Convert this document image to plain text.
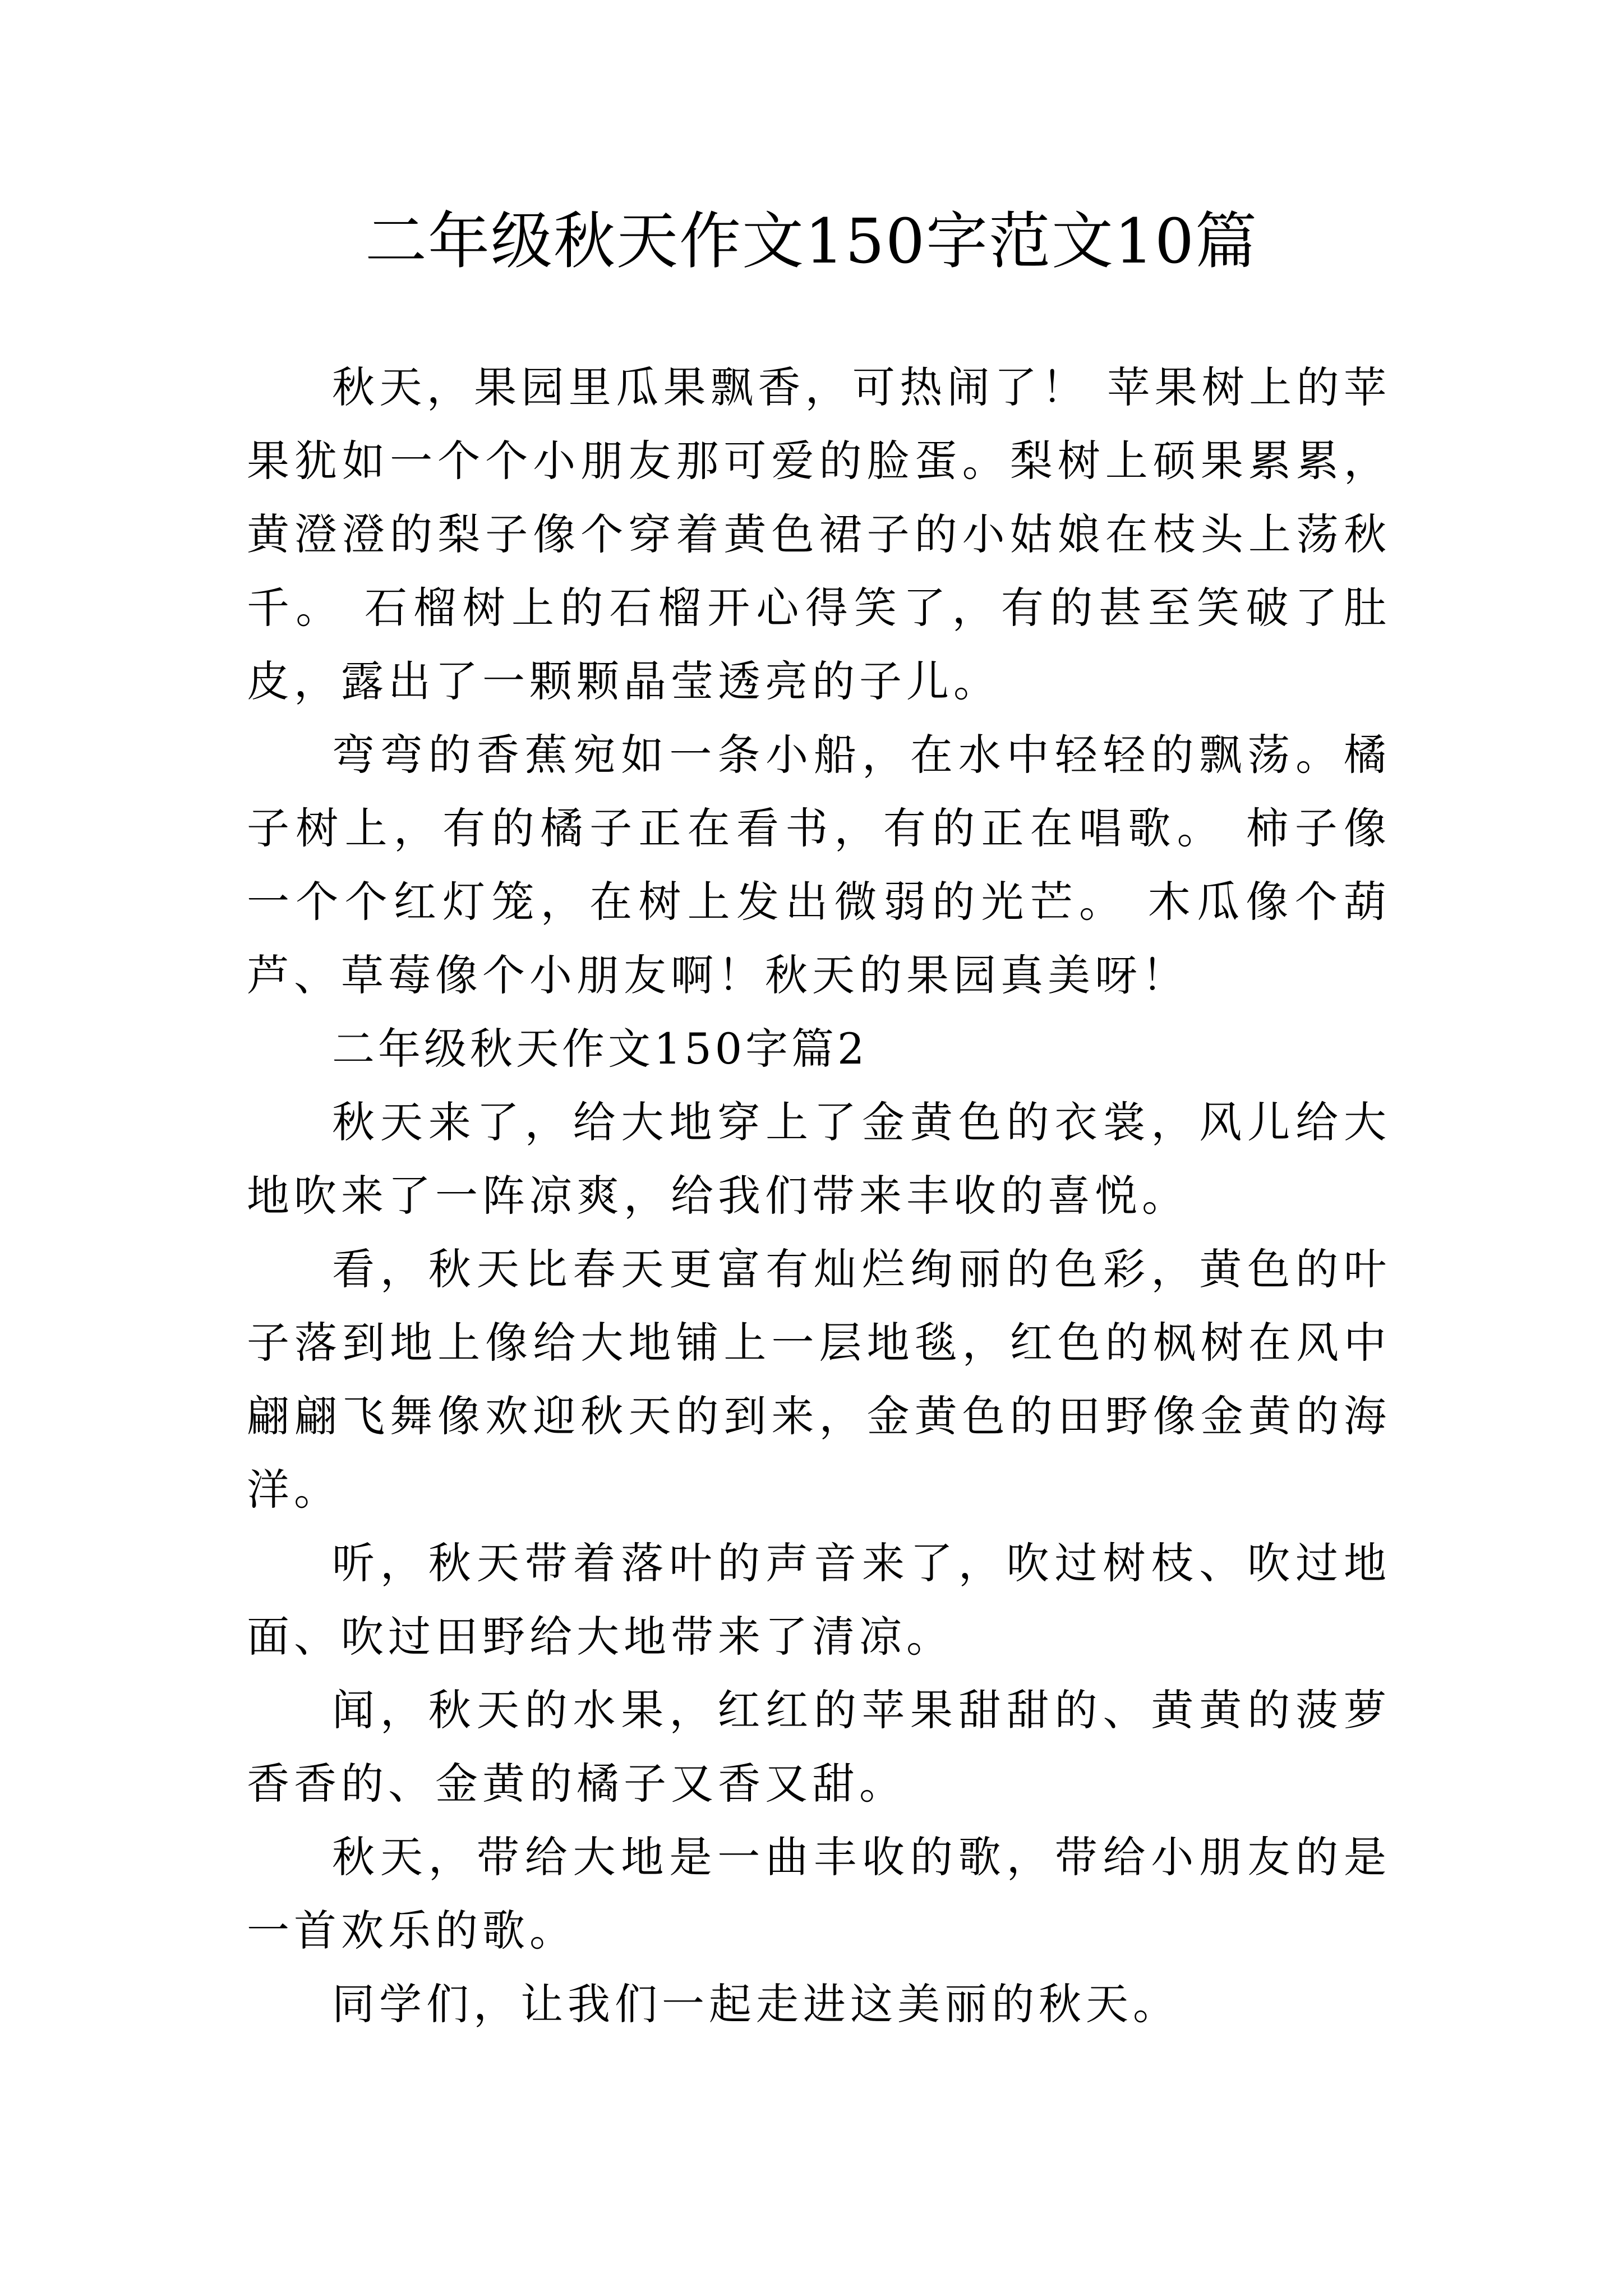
二年级秋天作文150字范文10篇

秋天，果园里瓜果飘香，可热闹了！ 苹果树上的苹果犹如一个个小朋友那可爱的脸蛋。梨树上硕果累累，黄澄澄的梨子像个穿着黄色裙子的小姑娘在枝头上荡秋千。 石榴树上的石榴开心得笑了，有的甚至笑破了肚皮，露出了一颗颗晶莹透亮的子儿。

弯弯的香蕉宛如一条小船，在水中轻轻的飘荡。橘子树上，有的橘子正在看书，有的正在唱歌。 柿子像一个个红灯笼，在树上发出微弱的光芒。 木瓜像个葫芦、草莓像个小朋友啊！秋天的果园真美呀！

二年级秋天作文150字篇2

秋天来了，给大地穿上了金黄色的衣裳，风儿给大地吹来了一阵凉爽，给我们带来丰收的喜悦。

看，秋天比春天更富有灿烂绚丽的色彩，黄色的叶子落到地上像给大地铺上一层地毯，红色的枫树在风中翩翩飞舞像欢迎秋天的到来，金黄色的田野像金黄的海洋。

听，秋天带着落叶的声音来了，吹过树枝、吹过地面、吹过田野给大地带来了清凉。

闻，秋天的水果，红红的苹果甜甜的、黄黄的菠萝香香的、金黄的橘子又香又甜。

秋天，带给大地是一曲丰收的歌，带给小朋友的是一首欢乐的歌。

同学们，让我们一起走进这美丽的秋天。
